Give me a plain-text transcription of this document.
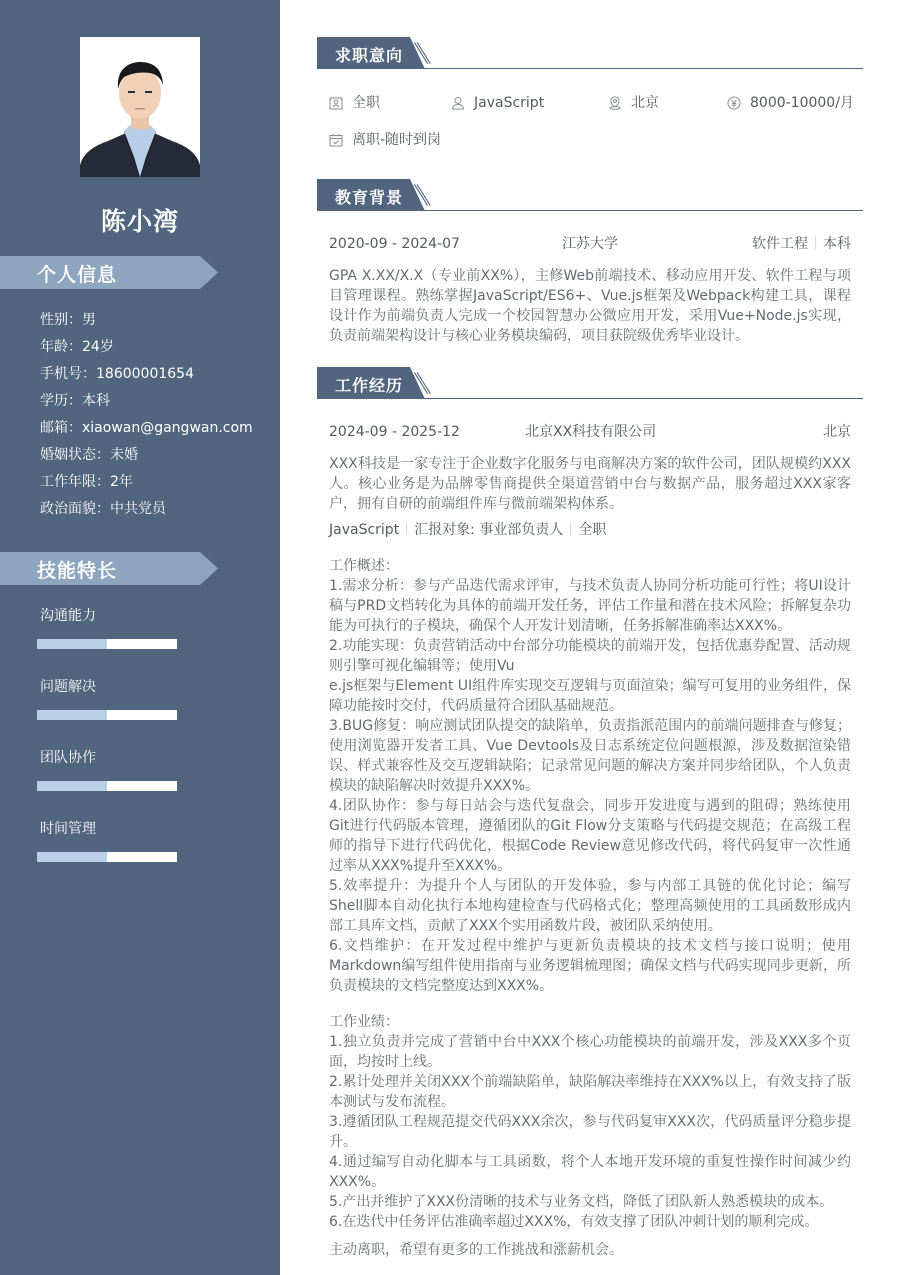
陈小湾
个人信息
性别：男
年龄：24岁
手机号：18600001654
学历：本科
邮箱：xiaowan@gangwan.com
婚姻状态：未婚
工作年限：2年
政治面貌：中共党员
技能特长
沟通能力
问题解决
团队协作
时间管理
求职意向
全职	JavaScript	北京	8000-10000/月
离职-随时到岗
教育背景
2020-09 - 2024-07	江苏大学	软件工程 本科

GPA X.XX/X.X（专业前XX%），主修Web前端技术、移动应用开发、软件工程与项目管理课程。熟练掌握JavaScript/ES6+、Vue.js框架及Webpack构建工具，课程设计作为前端负责人完成一个校园智慧办公微应用开发，采用Vue+Node.js实现，负责前端架构设计与核心业务模块编码，项目获院级优秀毕业设计。

工作经历
2024-09 - 2025-12	北京XX科技有限公司	北京

XXX科技是一家专注于企业数字化服务与电商解决方案的软件公司，团队规模约XXX人。核心业务是为品牌零售商提供全渠道营销中台与数据产品，服务超过XXX家客户，拥有自研的前端组件库与微前端架构体系。

JavaScript 汇报对象: 事业部负责人 全职

工作概述：

1.需求分析：参与产品迭代需求评审，与技术负责人协同分析功能可行性；将UI设计稿与PRD文档转化为具体的前端开发任务，评估工作量和潜在技术风险；拆解复杂功能为可执行的子模块，确保个人开发计划清晰，任务拆解准确率达XXX%。

2.功能实现：负责营销活动中台部分功能模块的前端开发，包括优惠券配置、活动规则引擎可视化编辑等；使用Vu

e.js框架与Element UI组件库实现交互逻辑与页面渲染；编写可复用的业务组件，保障功能按时交付，代码质量符合团队基础规范。

3.BUG修复：响应测试团队提交的缺陷单，负责指派范围内的前端问题排查与修复；使用浏览器开发者工具、Vue Devtools及日志系统定位问题根源，涉及数据渲染错误、样式兼容性及交互逻辑缺陷；记录常见问题的解决方案并同步给团队，个人负责模块的缺陷解决时效提升XXX%。

4.团队协作：参与每日站会与迭代复盘会，同步开发进度与遇到的阻碍；熟练使用Git进行代码版本管理，遵循团队的Git Flow分支策略与代码提交规范；在高级工程师的指导下进行代码优化，根据Code Review意见修改代码，将代码复审一次性通过率从XXX%提升至XXX%。

5.效率提升：为提升个人与团队的开发体验，参与内部工具链的优化讨论；编写Shell脚本自动化执行本地构建检查与代码格式化；整理高频使用的工具函数形成内部工具库文档，贡献了XXX个实用函数片段，被团队采纳使用。

6.文档维护：在开发过程中维护与更新负责模块的技术文档与接口说明；使用Markdown编写组件使用指南与业务逻辑梳理图；确保文档与代码实现同步更新，所负责模块的文档完整度达到XXX%。

工作业绩：

1.独立负责并完成了营销中台中XXX个核心功能模块的前端开发，涉及XXX多个页面，均按时上线。

2.累计处理并关闭XXX个前端缺陷单，缺陷解决率维持在XXX%以上，有效支持了版本测试与发布流程。

3.遵循团队工程规范提交代码XXX余次，参与代码复审XXX次，代码质量评分稳步提升。

4.通过编写自动化脚本与工具函数，将个人本地开发环境的重复性操作时间减少约XXX%。

5.产出并维护了XXX份清晰的技术与业务文档，降低了团队新人熟悉模块的成本。

6.在迭代中任务评估准确率超过XXX%，有效支撑了团队冲刺计划的顺利完成。

主动离职，希望有更多的工作挑战和涨薪机会。
